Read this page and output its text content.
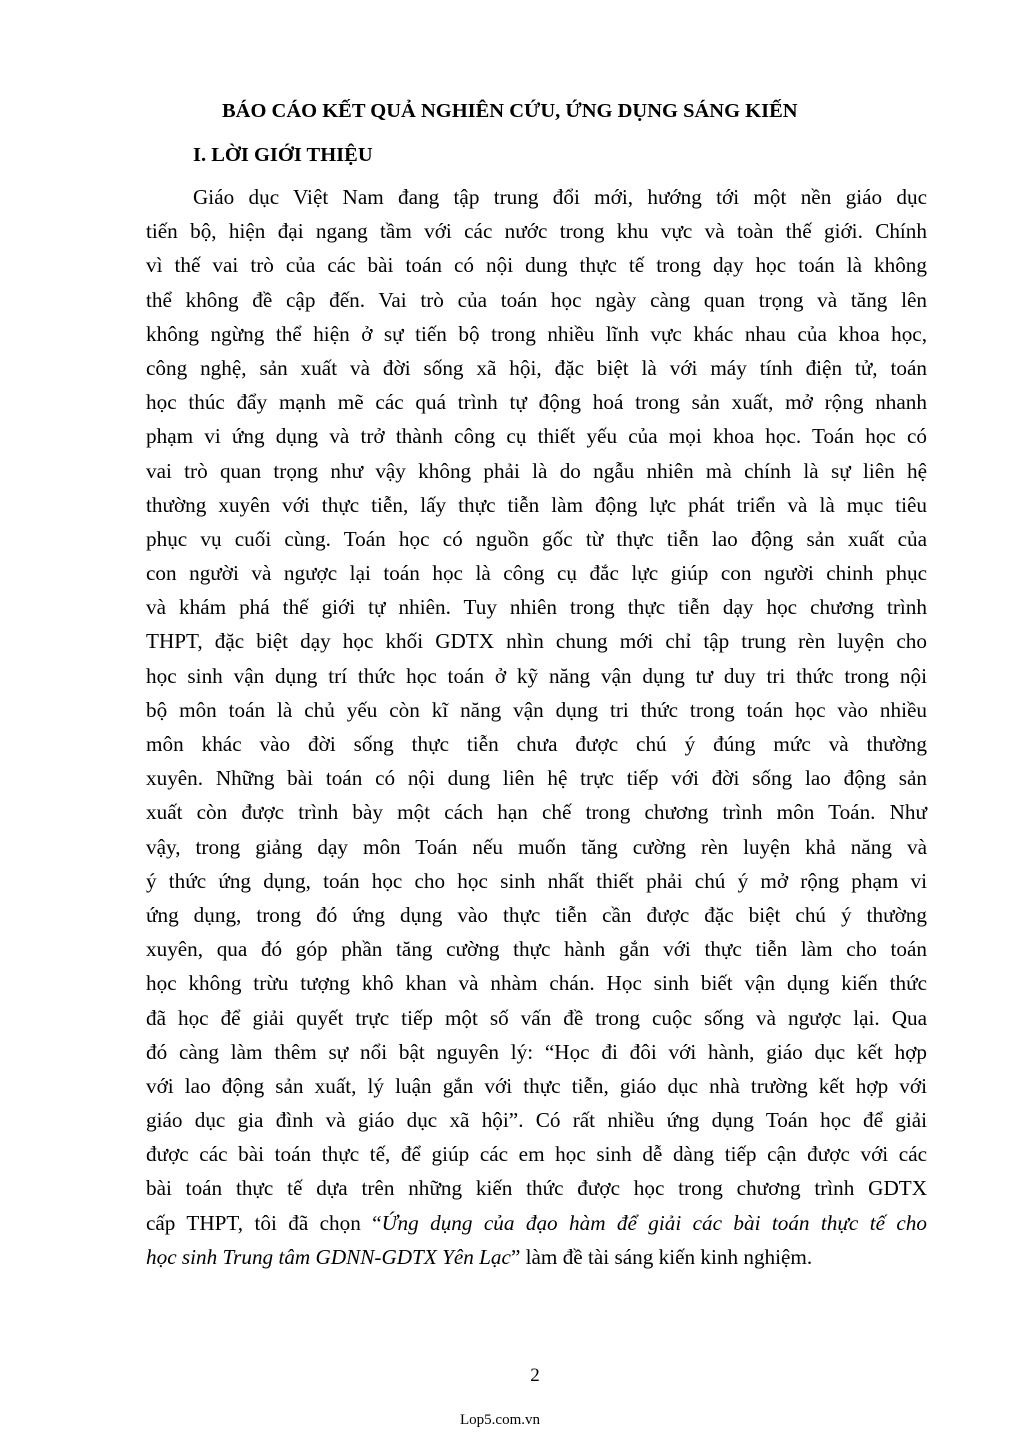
BÁO CÁO KẾT QUẢ NGHIÊN CỨU, ỨNG DỤNG SÁNG KIẾN
I. LỜI GIỚI THIỆU
Giáo dục Việt Nam đang tập trung đổi mới, hướng tới một nền giáo dục
tiến bộ, hiện đại ngang tầm với các nước trong khu vực và toàn thế giới. Chính
vì thế vai trò của các bài toán có nội dung thực tế trong dạy học toán là không
thể không đề cập đến. Vai trò của toán học ngày càng quan trọng và tăng lên
không ngừng thể hiện ở sự tiến bộ trong nhiều lĩnh vực khác nhau của khoa học,
công nghệ, sản xuất và đời sống xã hội, đặc biệt là với máy tính điện tử, toán
học thúc đẩy mạnh mẽ các quá trình tự động hoá trong sản xuất, mở rộng nhanh
phạm vi ứng dụng và trở thành công cụ thiết yếu của mọi khoa học. Toán học có
vai trò quan trọng như vậy không phải là do ngẫu nhiên mà chính là sự liên hệ
thường xuyên với thực tiễn, lấy thực tiễn làm động lực phát triển và là mục tiêu
phục vụ cuối cùng. Toán học có nguồn gốc từ thực tiễn lao động sản xuất của
con người và ngược lại toán học là công cụ đắc lực giúp con người chinh phục
và khám phá thế giới tự nhiên. Tuy nhiên trong thực tiễn dạy học chương trình
THPT, đặc biệt dạy học khối GDTX nhìn chung mới chỉ tập trung rèn luyện cho
học sinh vận dụng trí thức học toán ở kỹ năng vận dụng tư duy tri thức trong nội
bộ môn toán là chủ yếu còn kĩ năng vận dụng tri thức trong toán học vào nhiều
môn khác vào đời sống thực tiễn chưa được chú ý đúng mức và thường
xuyên. Những bài toán có nội dung liên hệ trực tiếp với đời sống lao động sản
xuất còn được trình bày một cách hạn chế trong chương trình môn Toán. Như
vậy, trong giảng dạy môn Toán nếu muốn tăng cường rèn luyện khả năng và
ý thức ứng dụng, toán học cho học sinh nhất thiết phải chú ý mở rộng phạm vi
ứng dụng, trong đó ứng dụng vào thực tiễn cần được đặc biệt chú ý thường
xuyên, qua đó góp phần tăng cường thực hành gắn với thực tiễn làm cho toán
học không trừu tượng khô khan và nhàm chán. Học sinh biết vận dụng kiến thức
đã học để giải quyết trực tiếp một số vấn đề trong cuộc sống và ngược lại. Qua
đó càng làm thêm sự nổi bật nguyên lý: “Học đi đôi với hành, giáo dục kết hợp
với lao động sản xuất, lý luận gắn với thực tiễn, giáo dục nhà trường kết hợp với
giáo dục gia đình và giáo dục xã hội”. Có rất nhiều ứng dụng Toán học để giải
được các bài toán thực tế, để giúp các em học sinh dễ dàng tiếp cận được với các
bài toán thực tế dựa trên những kiến thức được học trong chương trình GDTX
cấp THPT, tôi đã chọn “Ứng dụng của đạo hàm để giải các bài toán thực tế cho
học sinh Trung tâm GDNN-GDTX Yên Lạc” làm đề tài sáng kiến kinh nghiệm.
2
Lop5.com.vn
